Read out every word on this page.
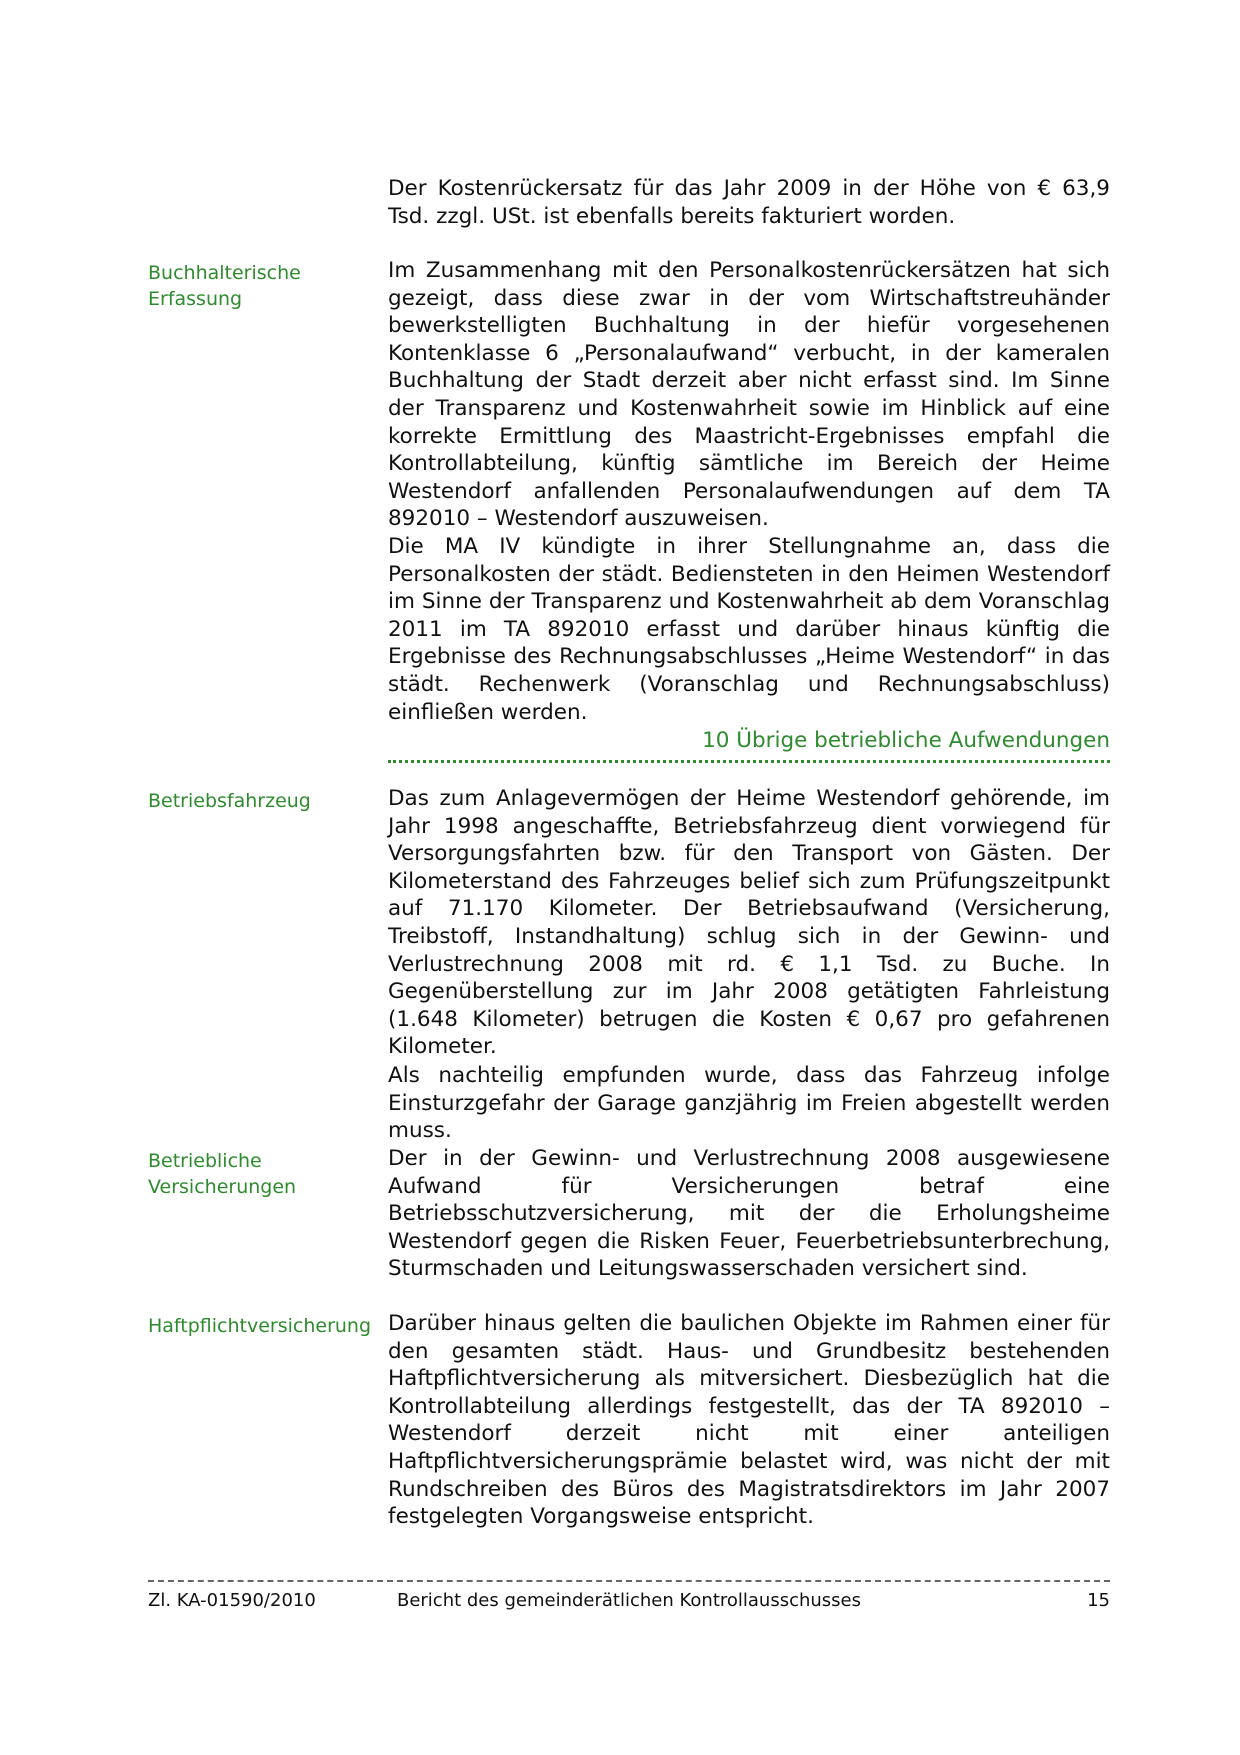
Der Kostenrückersatz für das Jahr 2009 in der Höhe von € 63,9 Tsd. zzgl. USt. ist ebenfalls bereits fakturiert worden.
Buchhalterische Erfassung
Im Zusammenhang mit den Personalkostenrückersätzen hat sich gezeigt, dass diese zwar in der vom Wirtschaftstreuhänder bewerkstelligten Buchhaltung in der hiefür vorgesehenen Kontenklasse 6 „Personalaufwand“ verbucht, in der kameralen Buchhaltung der Stadt derzeit aber nicht erfasst sind. Im Sinne der Transparenz und Kostenwahrheit sowie im Hinblick auf eine korrekte Ermittlung des Maastricht-Ergebnisses empfahl die Kontrollabteilung, künftig sämtliche im Bereich der Heime Westendorf anfallenden Personalaufwendungen auf dem TA 892010 – Westendorf auszuweisen.
Die MA IV kündigte in ihrer Stellungnahme an, dass die Personalkosten der städt. Bediensteten in den Heimen Westendorf im Sinne der Transparenz und Kostenwahrheit ab dem Voranschlag 2011 im TA 892010 erfasst und darüber hinaus künftig die Ergebnisse des Rechnungsabschlusses „Heime Westendorf“ in das städt. Rechenwerk (Voranschlag und Rechnungsabschluss) einfließen werden.
10 Übrige betriebliche Aufwendungen
Betriebsfahrzeug	Das zum Anlagevermögen der Heime Westendorf gehörende, im Jahr 1998 angeschaffte, Betriebsfahrzeug dient vorwiegend für Versorgungsfahrten bzw. für den Transport von Gästen. Der Kilometerstand des Fahrzeuges belief sich zum Prüfungszeitpunkt auf 71.170 Kilometer. Der Betriebsaufwand (Versicherung, Treibstoff, Instandhaltung) schlug sich in der Gewinn- und Verlustrechnung 2008 mit rd. € 1,1 Tsd. zu Buche. In Gegenüberstellung zur im Jahr 2008 getätigten Fahrleistung (1.648 Kilometer) betrugen die Kosten € 0,67 pro gefahrenen Kilometer.
Als nachteilig empfunden wurde, dass das Fahrzeug infolge Einsturzgefahr der Garage ganzjährig im Freien abgestellt werden muss.
Betriebliche Versicherungen
Der in der Gewinn- und Verlustrechnung 2008 ausgewiesene Aufwand für Versicherungen betraf eine Betriebsschutzversicherung, mit der die Erholungsheime Westendorf gegen die Risken Feuer, Feuerbetriebsunterbrechung, Sturmschaden und Leitungswasserschaden versichert sind.
Haftpflichtversicherung Darüber hinaus gelten die baulichen Objekte im Rahmen einer für den gesamten städt. Haus- und Grundbesitz bestehenden Haftpflichtversicherung als mitversichert. Diesbezüglich hat die Kontrollabteilung allerdings festgestellt, das der TA 892010 – Westendorf derzeit nicht mit einer anteiligen Haftpflichtversicherungsprämie belastet wird, was nicht der mit Rundschreiben des Büros des Magistratsdirektors im Jahr 2007 festgelegten Vorgangsweise entspricht.
Zl. KA-01590/2010	Bericht des gemeinderätlichen Kontrollausschusses	15
